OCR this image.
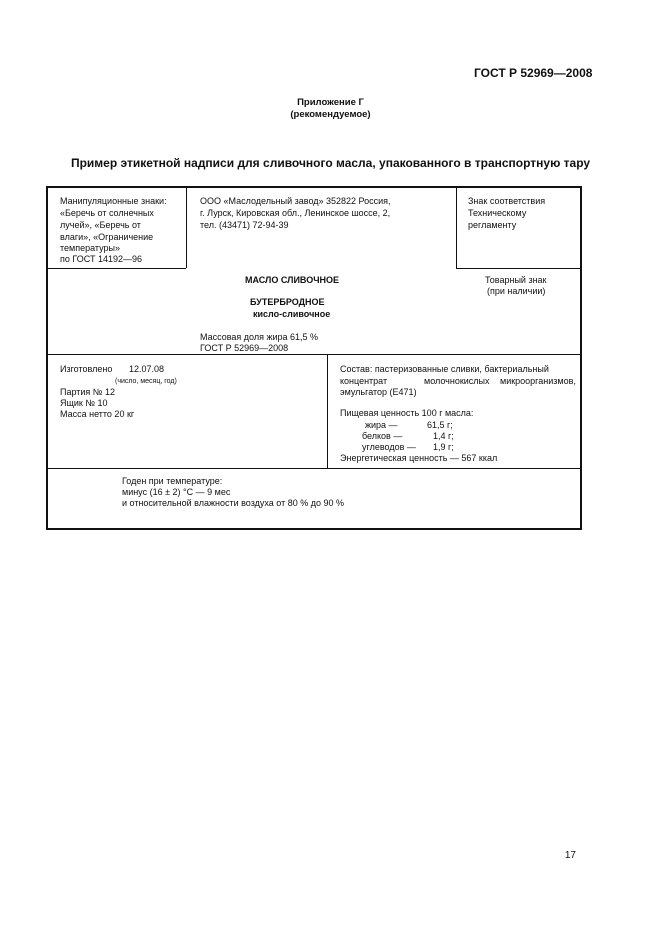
ГОСТ Р 52969—2008
Приложение Г
(рекомендуемое)
Пример этикетной надписи для сливочного масла, упакованного в транспортную тару
Манипуляционные знаки:
«Беречь от солнечных
лучей», «Беречь от
влаги», «Ограничение
температуры»
по ГОСТ 14192—96
ООО «Маслодельный завод» 352822 Россия,
г. Лурск, Кировская обл., Ленинское шоссе, 2,
тел. (43471) 72-94-39
Знак соответствия
Техническому
регламенту
МАСЛО СЛИВОЧНОЕ
БУТЕРБРОДНОЕ
кисло-сливочное
Массовая доля жира 61,5 %
ГОСТ Р 52969—2008
Товарный знак
(при наличии)
Изготовлено 12.07.08
(число, месяц, год)
Партия № 12
Ящик № 10
Масса нетто 20 кг
Состав: пастеризованные сливки, бактериальный
концентрат	молочнокислых микроорганизмов,
эмульгатор (Е471)
Пищевая ценность 100 г масла:
жира —	61,5 г;
белков —	1,4 г;
углеводов — 1,9 г;
Энергетическая ценность — 567 ккал
Годен при температуре:
минус (16 ± 2) °С — 9 мес
и относительной влажности воздуха от 80 % до 90 %
17
